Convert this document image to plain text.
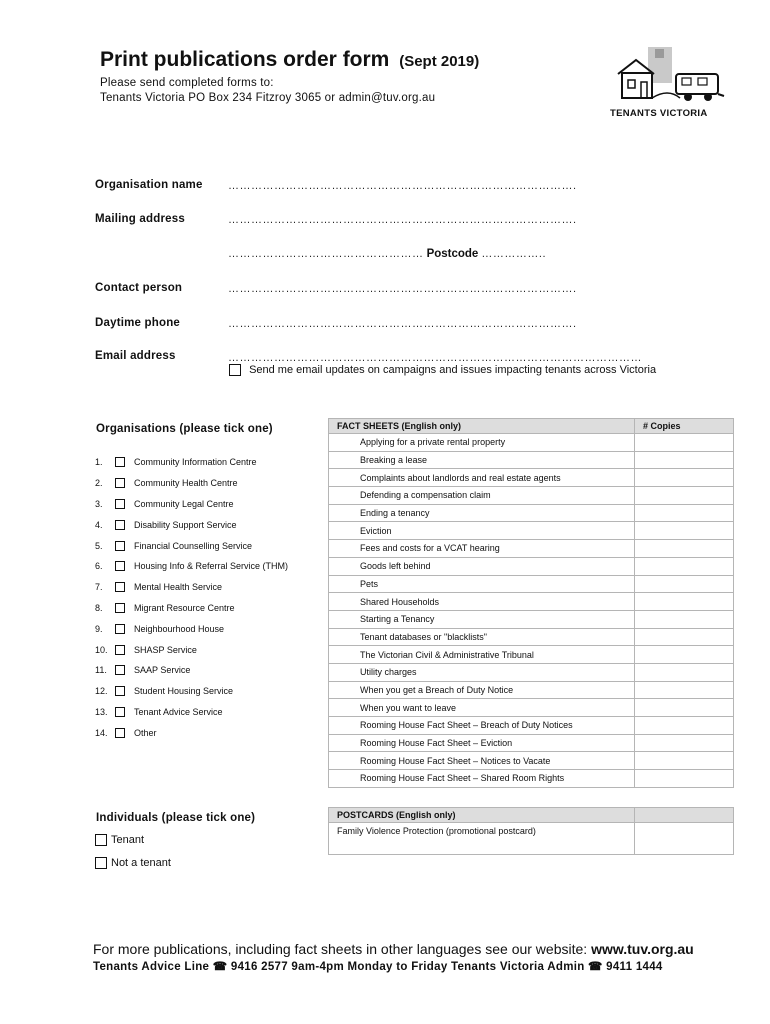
Print publications order form (Sept 2019)
Please send completed forms to:
Tenants Victoria PO Box 234 Fitzroy 3065 or admin@tuv.org.au
TENANTS VICTORIA
Organisation name ……………………………………………………………………………….
Mailing address	……………………………………………………………………………….
…………………………………………… Postcode ……………..
Contact person	……………………………………………………………………………….
Daytime phone	……………………………………………………………………………….
Email address	………………………………………………………………………………………………
Send me email updates on campaigns and issues impacting tenants across Victoria
Organisations (please tick one)
1.	Community Information Centre
2.	Community Health Centre
3.	Community Legal Centre
4.	Disability Support Service
5.	Financial Counselling Service
6.	Housing Info & Referral Service (THM)
7.	Mental Health Service
8.	Migrant Resource Centre
9.	Neighbourhood House
10.	SHASP Service
11.	SAAP Service
12.	Student Housing Service
13.	Tenant Advice Service
14.	Other
FACT SHEETS (English only)	# Copies
Applying for a private rental property	
Breaking a lease	
Complaints about landlords and real estate agents	
Defending a compensation claim	
Ending a tenancy	
Eviction	
Fees and costs for a VCAT hearing	
Goods left behind	
Pets	
Shared Households	
Starting a Tenancy	
Tenant databases or "blacklists"	
The Victorian Civil & Administrative Tribunal	
Utility charges	
When you get a Breach of Duty Notice	
When you want to leave	
Rooming House Fact Sheet – Breach of Duty Notices	
Rooming House Fact Sheet – Eviction	
Rooming House Fact Sheet – Notices to Vacate	
Rooming House Fact Sheet – Shared Room Rights	
POSTCARDS (English only)	
Family Violence Protection (promotional postcard)	
Individuals (please tick one)
Tenant
Not a tenant
For more publications, including fact sheets in other languages see our website: www.tuv.org.au
Tenants Advice Line ☎ 9416 2577 9am-4pm Monday to Friday Tenants Victoria Admin ☎ 9411 1444
